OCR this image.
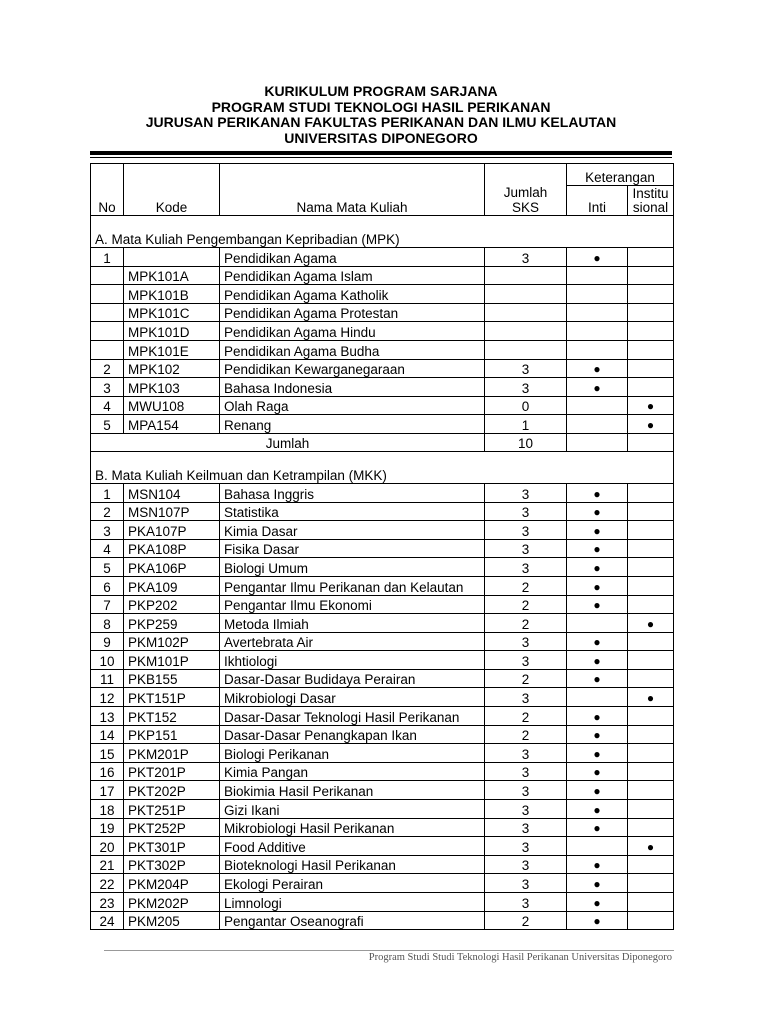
KURIKULUM PROGRAM SARJANA
PROGRAM STUDI TEKNOLOGI HASIL PERIKANAN
JURUSAN PERIKANAN FAKULTAS PERIKANAN DAN ILMU KELAUTAN
UNIVERSITAS DIPONEGORO
No	Kode	Nama Mata Kuliah	Jumlah SKS	Keterangan	
				Inti	Institu sional
A. Mata Kuliah Pengembangan Kepribadian (MPK)					
1		Pendidikan Agama	3	●	
	MPK101A	Pendidikan Agama Islam			
	MPK101B	Pendidikan Agama Katholik			
	MPK101C	Pendidikan Agama Protestan			
	MPK101D	Pendidikan Agama Hindu			
	MPK101E	Pendidikan Agama Budha			
2	MPK102	Pendidikan Kewarganegaraan	3	●	
3	MPK103	Bahasa Indonesia	3	●	
4	MWU108	Olah Raga	0		●
5	MPA154	Renang	1		●
Jumlah			10		
B. Mata Kuliah Keilmuan dan Ketrampilan (MKK)					
1	MSN104	Bahasa Inggris	3	●	
2	MSN107P	Statistika	3	●	
3	PKA107P	Kimia Dasar	3	●	
4	PKA108P	Fisika Dasar	3	●	
5	PKA106P	Biologi Umum	3	●	
6	PKA109	Pengantar Ilmu Perikanan dan Kelautan	2	●	
7	PKP202	Pengantar Ilmu Ekonomi	2	●	
8	PKP259	Metoda Ilmiah	2		●
9	PKM102P	Avertebrata Air	3	●	
10	PKM101P	Ikhtiologi	3	●	
11	PKB155	Dasar-Dasar Budidaya Perairan	2	●	
12	PKT151P	Mikrobiologi Dasar	3		●
13	PKT152	Dasar-Dasar Teknologi Hasil Perikanan	2	●	
14	PKP151	Dasar-Dasar Penangkapan Ikan	2	●	
15	PKM201P	Biologi Perikanan	3	●	
16	PKT201P	Kimia Pangan	3	●	
17	PKT202P	Biokimia Hasil Perikanan	3	●	
18	PKT251P	Gizi Ikani	3	●	
19	PKT252P	Mikrobiologi Hasil Perikanan	3	●	
20	PKT301P	Food Additive	3		●
21	PKT302P	Bioteknologi Hasil Perikanan	3	●	
22	PKM204P	Ekologi Perairan	3	●	
23	PKM202P	Limnologi	3	●	
24	PKM205	Pengantar Oseanografi	2	●	
Program Studi Studi Teknologi Hasil Perikanan Universitas Diponegoro
